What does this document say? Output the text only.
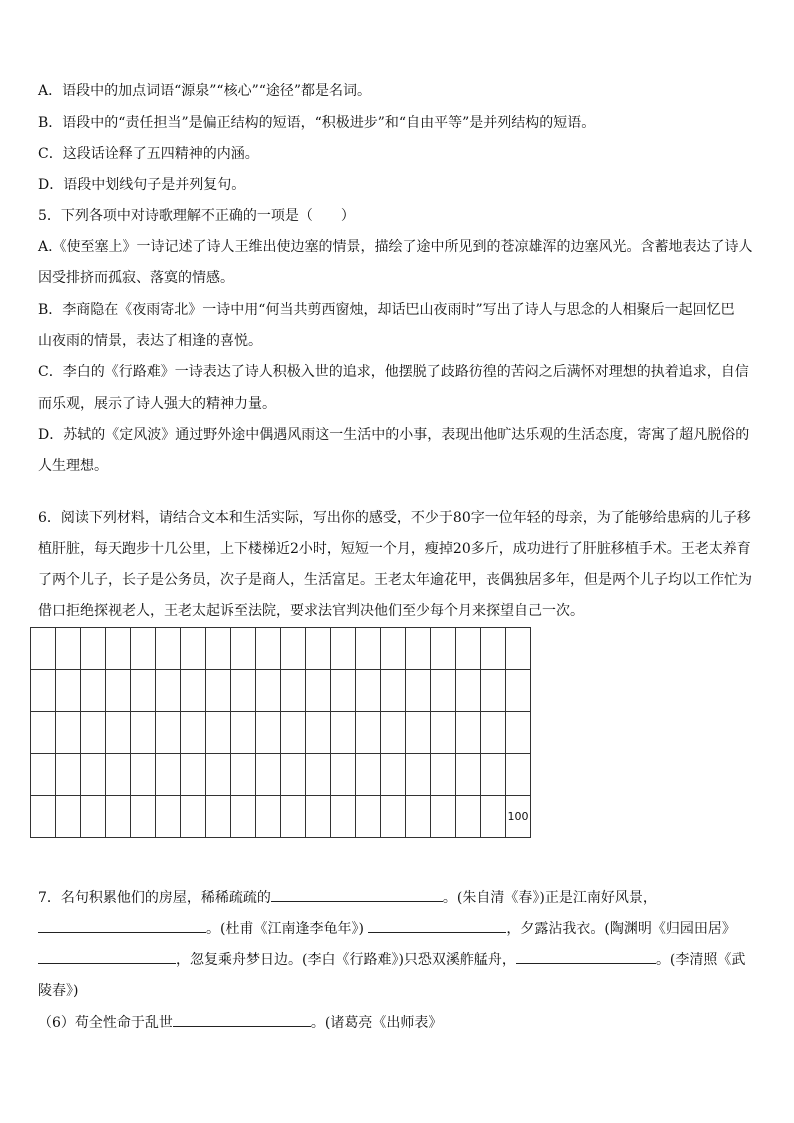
A．语段中的加点词语“源泉”“核心”“途径”都是名词。
B．语段中的“责任担当”是偏正结构的短语，“积极进步”和“自由平等”是并列结构的短语。
C．这段话诠释了五四精神的内涵。
D．语段中划线句子是并列复句。
5．下列各项中对诗歌理解不正确的一项是（　　）
A.《使至塞上》一诗记述了诗人王维出使边塞的情景，描绘了途中所见到的苍凉雄浑的边塞风光。含蓄地表达了诗人
因受排挤而孤寂、落寞的情感。
B．李商隐在《夜雨寄北》一诗中用“何当共剪西窗烛，却话巴山夜雨时”写出了诗人与思念的人相聚后一起回忆巴
山夜雨的情景，表达了相逢的喜悦。
C．李白的《行路难》一诗表达了诗人积极入世的追求，他摆脱了歧路彷徨的苦闷之后满怀对理想的执着追求，自信
而乐观，展示了诗人强大的精神力量。
D．苏轼的《定风波》通过野外途中偶遇风雨这一生活中的小事，表现出他旷达乐观的生活态度，寄寓了超凡脱俗的
人生理想。
6．阅读下列材料，请结合文本和生活实际，写出你的感受，不少于80字一位年轻的母亲，为了能够给患病的儿子移
植肝脏，每天跑步十几公里，上下楼梯近2小时，短短一个月，瘦掉20多斤，成功进行了肝脏移植手术。王老太养育
了两个儿子，长子是公务员，次子是商人，生活富足。王老太年逾花甲，丧偶独居多年，但是两个儿子均以工作忙为
借口拒绝探视老人，王老太起诉至法院，要求法官判决他们至少每个月来探望自己一次。

																			100
7．名句积累他们的房屋，稀稀疏疏的	。(朱自清《春》)正是江南好风景，
。(杜甫《江南逢李龟年》)	，夕露沾我衣。(陶渊明《归园田居》
，忽复乘舟梦日边。(李白《行路难》)只恐双溪舴艋舟，	。(李清照《武
陵春》)
（6）苟全性命于乱世	。(诸葛亮《出师表》
